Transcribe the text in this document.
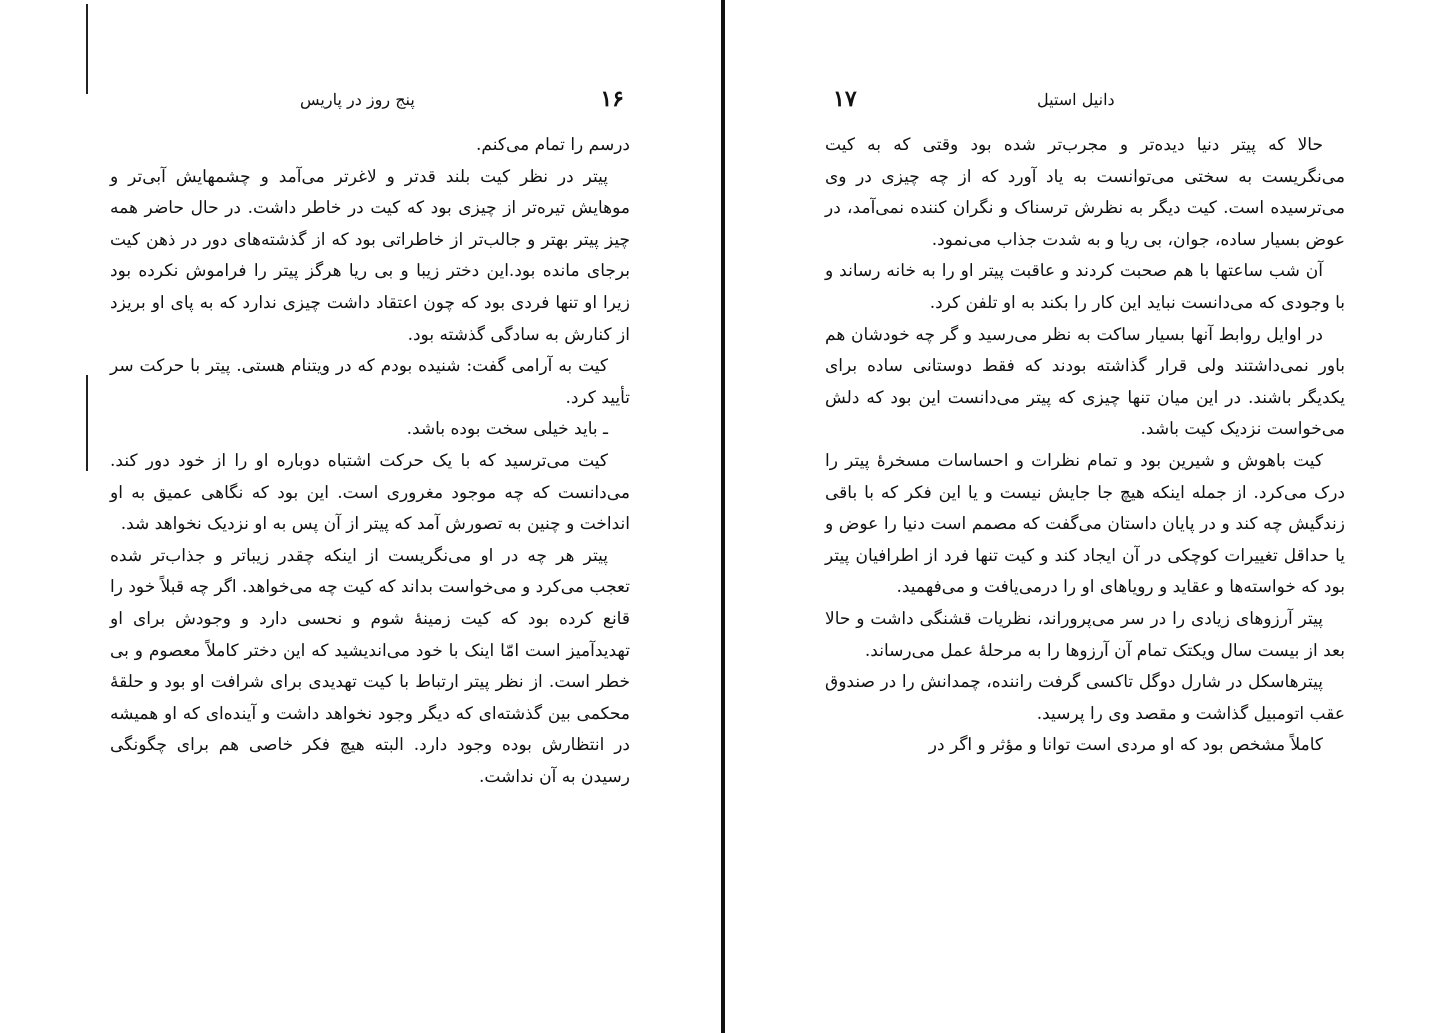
۱۶
پنج روز در پاریس

درسم را تمام می‌کنم.

پیتر در نظر کیت بلند قدتر و لاغرتر می‌آمد و چشمهایش آبی‌تر و موهایش تیره‌تر از چیزی بود که کیت در خاطر داشت. در حال حاضر همه چیز پیتر بهتر و جالب‌تر از خاطراتی بود که از گذشته‌های دور در ذهن کیت برجای مانده بود.این دختر زیبا و بی ریا هرگز پیتر را فراموش نکرده بود زیرا او تنها فردی بود که چون اعتقاد داشت چیزی ندارد که به پای او بریزد از کنارش به سادگی گذشته بود.

کیت به آرامی گفت: شنیده بودم که در ویتنام هستی. پیتر با حرکت سر تأیید کرد.

ـ باید خیلی سخت بوده باشد.

کیت می‌ترسید که با یک حرکت اشتباه دوباره او را از خود دور کند. می‌دانست که چه موجود مغروری است. این بود که نگاهی عمیق به او انداخت و چنین به تصورش آمد که پیتر از آن پس به او نزدیک نخواهد شد.

پیتر هر چه در او می‌نگریست از اینکه چقدر زیباتر و جذاب‌تر شده تعجب می‌کرد و می‌خواست بداند که کیت چه می‌خواهد. اگر چه قبلاً خود را قانع کرده بود که کیت زمینهٔ شوم و نحسی دارد و وجودش برای او تهدیدآمیز است امّا اینک با خود می‌اندیشید که این دختر کاملاً معصوم و بی خطر است. از نظر پیتر ارتباط با کیت تهدیدی برای شرافت او بود و حلقهٔ محکمی بین گذشته‌ای که دیگر وجود نخواهد داشت و آینده‌ای که او همیشه در انتظارش بوده وجود دارد. البته هیچ فکر خاصی هم برای چگونگی رسیدن به آن نداشت.

۱۷	دانیل استیل

حالا که پیتر دنیا دیده‌تر و مجرب‌تر شده بود وقتی که به کیت می‌نگریست به سختی می‌توانست به یاد آورد که از چه چیزی در وی می‌ترسیده است. کیت دیگر به نظرش ترسناک و نگران کننده نمی‌آمد، در عوض بسیار ساده، جوان، بی ریا و به شدت جذاب می‌نمود.

آن شب ساعتها با هم صحبت کردند و عاقبت پیتر او را به خانه رساند و با وجودی که می‌دانست نباید این کار را بکند به او تلفن کرد.

در اوایل روابط آنها بسیار ساکت به نظر می‌رسید و گر چه خودشان هم باور نمی‌داشتند ولی قرار گذاشته بودند که فقط دوستانی ساده برای یکدیگر باشند. در این میان تنها چیزی که پیتر می‌دانست این بود که دلش می‌خواست نزدیک کیت باشد.

کیت باهوش و شیرین بود و تمام نظرات و احساسات مسخرهٔ پیتر را درک می‌کرد. از جمله اینکه هیچ جا جایش نیست و یا این فکر که با باقی زندگیش چه کند و در پایان داستان می‌گفت که مصمم است دنیا را عوض و یا حداقل تغییرات کوچکی در آن ایجاد کند و کیت تنها فرد از اطرافیان پیتر بود که خواسته‌ها و عقاید و رویاهای او را درمی‌یافت و می‌فهمید.

پیتر آرزوهای زیادی را در سر می‌پروراند، نظریات قشنگی داشت و حالا بعد از بیست سال ویکتک تمام آن آرزوها را به مرحلهٔ عمل می‌رساند.

پیترهاسکل در شارل دوگل تاکسی گرفت راننده، چمدانش را در صندوق عقب اتومبیل گذاشت و مقصد وی را پرسید.

کاملاً مشخص بود که او مردی است توانا و مؤثر و اگر در
